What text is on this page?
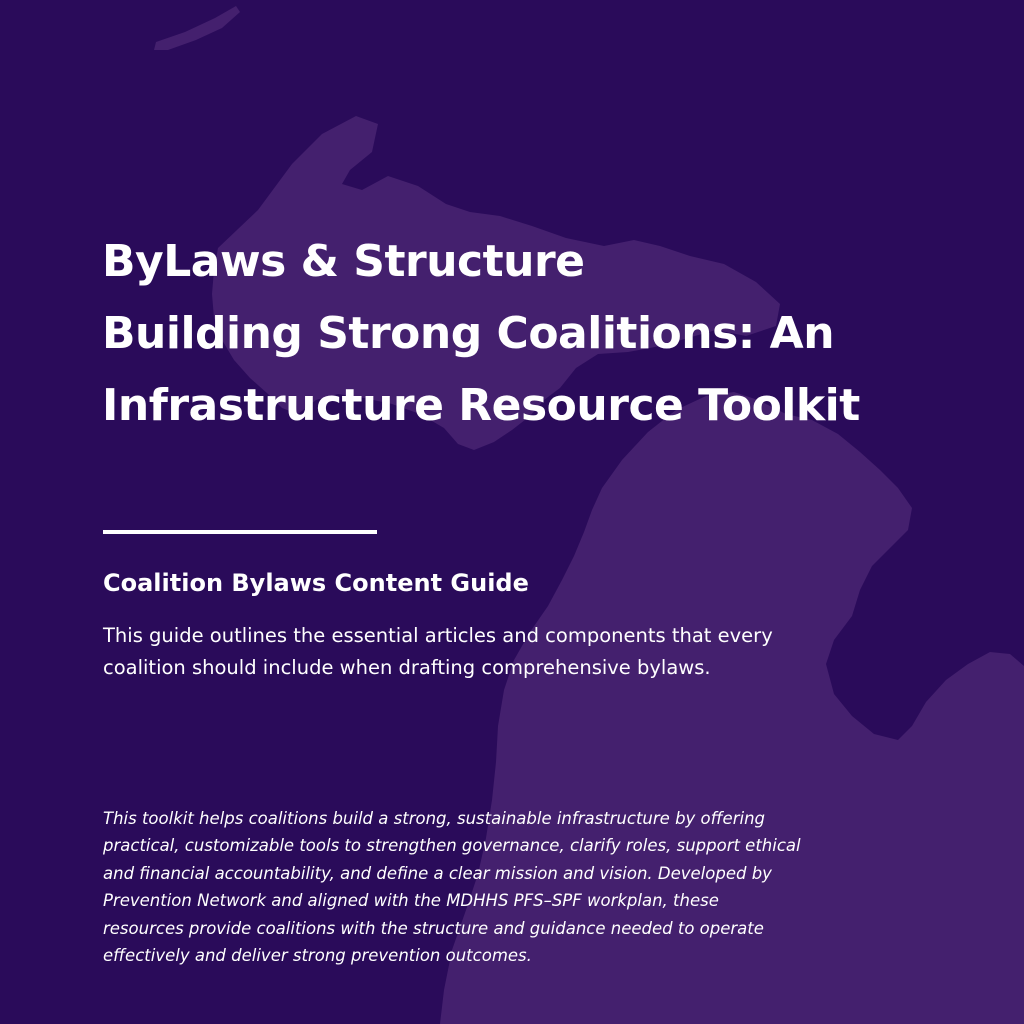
ByLaws & Structure
Building Strong Coalitions: An
Infrastructure Resource Toolkit
Coalition Bylaws Content Guide

This guide outlines the essential articles and components that every
coalition should include when drafting comprehensive bylaws.

This toolkit helps coalitions build a strong, sustainable infrastructure by offering
practical, customizable tools to strengthen governance, clarify roles, support ethical
and financial accountability, and define a clear mission and vision. Developed by
Prevention Network and aligned with the MDHHS PFS–SPF workplan, these
resources provide coalitions with the structure and guidance needed to operate
effectively and deliver strong prevention outcomes.
